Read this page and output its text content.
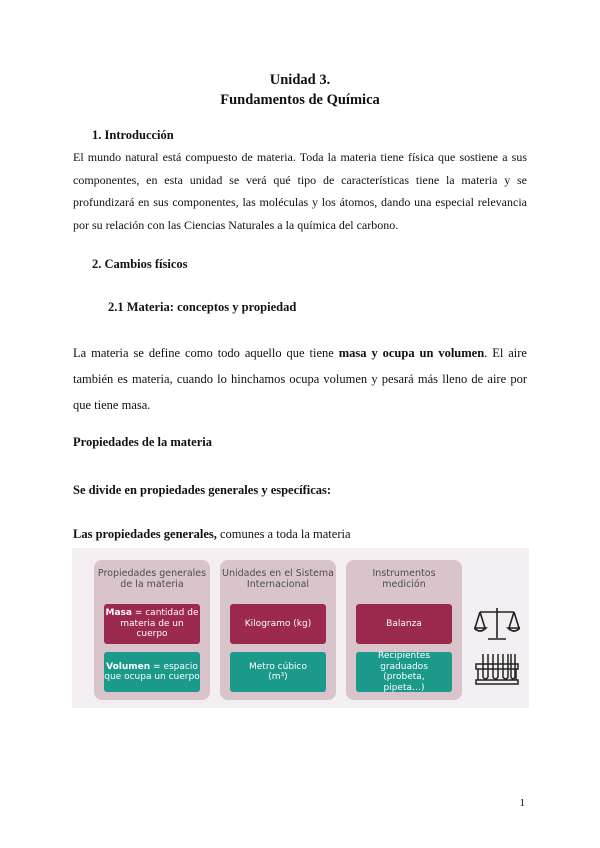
Unidad 3.
Fundamentos de Química
1. Introducción
El mundo natural está compuesto de materia. Toda la materia tiene física que sostiene a sus componentes, en esta unidad se verá qué tipo de características tiene la materia y se profundizará en sus componentes, las moléculas y los átomos, dando una especial relevancia por su relación con las Ciencias Naturales a la química del carbono.
2. Cambios físicos
2.1 Materia: conceptos y propiedad
La materia se define como todo aquello que tiene masa y ocupa un volumen. El aire también es materia, cuando lo hinchamos ocupa volumen y pesará más lleno de aire por que tiene masa.
Propiedades de la materia
Se divide en propiedades generales y específicas:
Las propiedades generales, comunes a toda la materia
Propiedades generales de la materia
Masa = cantidad de materia de un cuerpo
Volumen = espacio que ocupa un cuerpo
Unidades en el Sistema Internacional
Kilogramo (kg)
Metro cúbico
(m³)
Instrumentos medición
Balanza
Recipientes graduados (probeta, pipeta…)
1
